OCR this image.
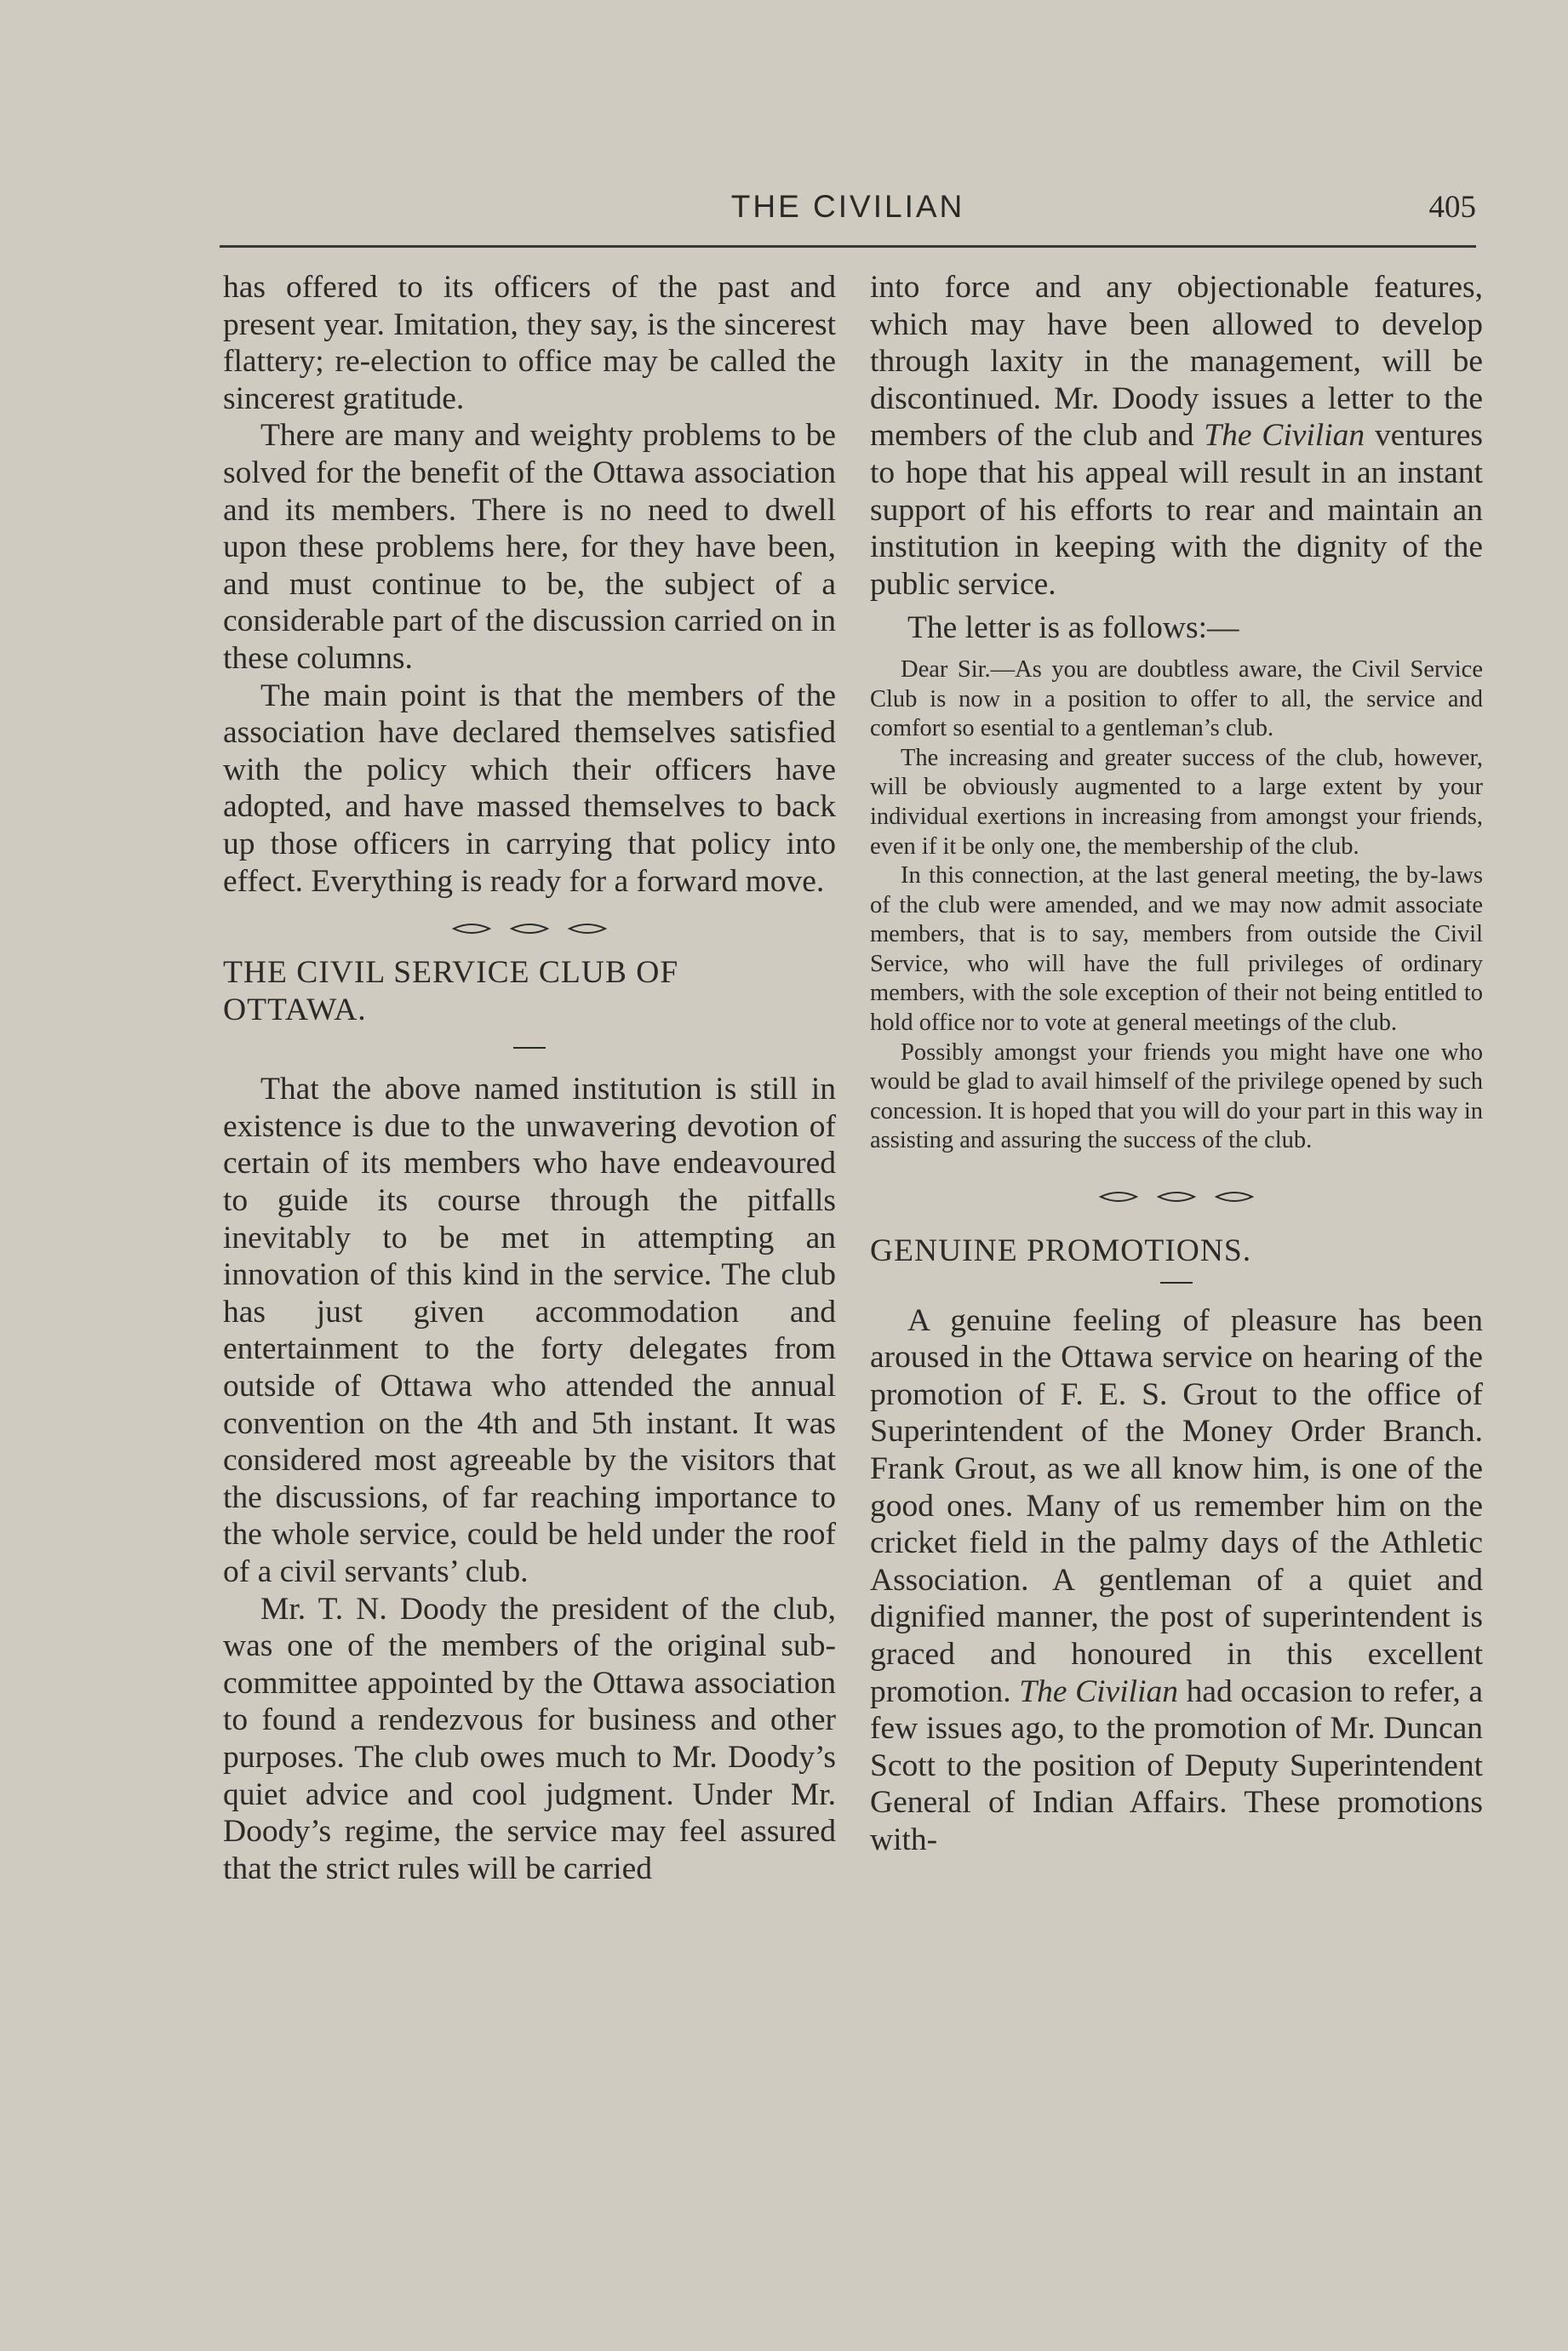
THE CIVILIAN	405

has offered to its officers of the past and present year. Imitation, they say, is the sincerest flattery; re-election to office may be called the sincerest gratitude.

There are many and weighty problems to be solved for the benefit of the Ottawa association and its members. There is no need to dwell upon these problems here, for they have been, and must continue to be, the subject of a considerable part of the discussion carried on in these columns.

The main point is that the members of the association have declared themselves satisfied with the policy which their officers have adopted, and have massed themselves to back up those officers in carrying that policy into effect. Everything is ready for a forward move.

THE CIVIL SERVICE CLUB OF

OTTAWA.

That the above named institution is still in existence is due to the unwavering devotion of certain of its members who have endeavoured to guide its course through the pitfalls inevitably to be met in attempting an innovation of this kind in the service. The club has just given accommodation and entertainment to the forty delegates from outside of Ottawa who attended the annual convention on the 4th and 5th instant. It was considered most agreeable by the visitors that the discussions, of far reaching importance to the whole service, could be held under the roof of a civil servants’ club.

Mr. T. N. Doody the president of the club, was one of the members of the original sub-committee appointed by the Ottawa association to found a rendezvous for business and other purposes. The club owes much to Mr. Doody’s quiet advice and cool judgment. Under Mr. Doody’s regime, the service may feel assured that the strict rules will be carried

into force and any objectionable features, which may have been allowed to develop through laxity in the management, will be discontinued. Mr. Doody issues a letter to the members of the club and The Civilian ventures to hope that his appeal will result in an instant support of his efforts to rear and maintain an institution in keeping with the dignity of the public service.

The letter is as follows:—

Dear Sir.—As you are doubtless aware, the Civil Service Club is now in a position to offer to all, the service and comfort so esential to a gentleman’s club.

The increasing and greater success of the club, however, will be obviously augmented to a large extent by your individual exertions in increasing from amongst your friends, even if it be only one, the membership of the club.

In this connection, at the last general meeting, the by-laws of the club were amended, and we may now admit associate members, that is to say, members from outside the Civil Service, who will have the full privileges of ordinary members, with the sole exception of their not being entitled to hold office nor to vote at general meetings of the club.

Possibly amongst your friends you might have one who would be glad to avail himself of the privilege opened by such concession. It is hoped that you will do your part in this way in assisting and assuring the success of the club.

GENUINE PROMOTIONS.

A genuine feeling of pleasure has been aroused in the Ottawa service on hearing of the promotion of F. E. S. Grout to the office of Superintendent of the Money Order Branch. Frank Grout, as we all know him, is one of the good ones. Many of us remember him on the cricket field in the palmy days of the Athletic Association. A gentleman of a quiet and dignified manner, the post of superintendent is graced and honoured in this excellent promotion. The Civilian had occasion to refer, a few issues ago, to the promotion of Mr. Duncan Scott to the position of Deputy Superintendent General of Indian Affairs. These promotions with-
